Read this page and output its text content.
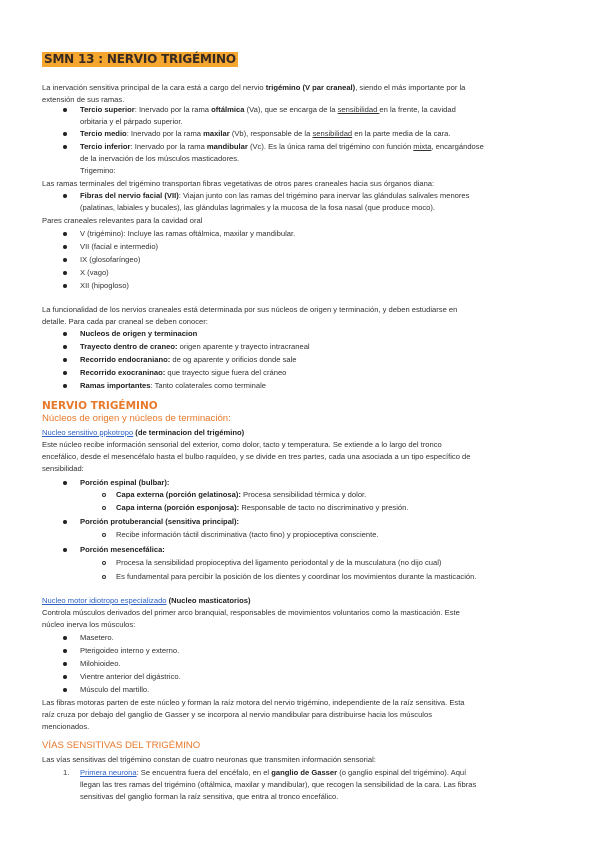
SMN 13 : NERVIO TRIGÉMINO
La inervación sensitiva principal de la cara está a cargo del nervio trigémino (V par craneal), siendo el más importante por la
extensión de sus ramas.
Tercio superior: Inervado por la rama oftálmica (Va), que se encarga de la sensibilidad en la frente, la cavidad
orbitaria y el párpado superior.
Tercio medio: Inervado por la rama maxilar (Vb), responsable de la sensibilidad en la parte media de la cara.
Tercio inferior: Inervado por la rama mandibular (Vc). Es la única rama del trigémino con función mixta, encargándose
de la inervación de los músculos masticadores.
Trigemino:
Las ramas terminales del trigémino transportan fibras vegetativas de otros pares craneales hacia sus órganos diana:
Fibras del nervio facial (VII): Viajan junto con las ramas del trigémino para inervar las glándulas salivales menores
(palatinas, labiales y bucales), las glándulas lagrimales y la mucosa de la fosa nasal (que produce moco).
Pares craneales relevantes para la cavidad oral
V (trigémino): Incluye las ramas oftálmica, maxilar y mandibular.
VII (facial e intermedio)
IX (glosofaríngeo)
X (vago)
XII (hipogloso)
La funcionalidad de los nervios craneales está determinada por sus núcleos de origen y terminación, y deben estudiarse en
detalle. Para cada par craneal se deben conocer:
Nucleos de origen y terminacion
Trayecto dentro de craneo: origen aparente y trayecto intracraneal
Recorrido endocraniano: de og aparente y orificios donde sale
Recorrido exocraninao: que trayecto sigue fuera del cráneo
Ramas importantes: Tanto colaterales como terminale
NERVIO TRIGÉMINO
Núcleos de origen y núcleos de terminación:
Nucleo sensitivo ppkotropo (de terminacion del trigémino)
Este núcleo recibe información sensorial del exterior, como dolor, tacto y temperatura. Se extiende a lo largo del tronco
encefálico, desde el mesencéfalo hasta el bulbo raquídeo, y se divide en tres partes, cada una asociada a un tipo específico de
sensibilidad:
Porción espinal (bulbar):
Capa externa (porción gelatinosa): Procesa sensibilidad térmica y dolor.
Capa interna (porción esponjosa): Responsable de tacto no discriminativo y presión.
Porción protuberancial (sensitiva principal):
Recibe información táctil discriminativa (tacto fino) y propioceptiva consciente.
Porción mesencefálica:
Procesa la sensibilidad propioceptiva del ligamento periodontal y de la musculatura (no dijo cual)
Es fundamental para percibir la posición de los dientes y coordinar los movimientos durante la masticación.
Nucleo motor idiotropo especializado (Nucleo masticatorios)
Controla músculos derivados del primer arco branquial, responsables de movimientos voluntarios como la masticación. Este
núcleo inerva los músculos:
Masetero.
Pterigoideo interno y externo.
Milohioideo.
Vientre anterior del digástrico.
Músculo del martillo.
Las fibras motoras parten de este núcleo y forman la raíz motora del nervio trigémino, independiente de la raíz sensitiva. Esta
raíz cruza por debajo del ganglio de Gasser y se incorpora al nervio mandibular para distribuirse hacia los músculos
mencionados.
VÍAS SENSITIVAS DEL TRIGÉMINO
Las vías sensitivas del trigémino constan de cuatro neuronas que transmiten información sensorial:
1. Primera neurona: Se encuentra fuera del encéfalo, en el ganglio de Gasser (o ganglio espinal del trigémino). Aquí
llegan las tres ramas del trigémino (oftálmica, maxilar y mandibular), que recogen la sensibilidad de la cara. Las fibras
sensitivas del ganglio forman la raíz sensitiva, que entra al tronco encefálico.
